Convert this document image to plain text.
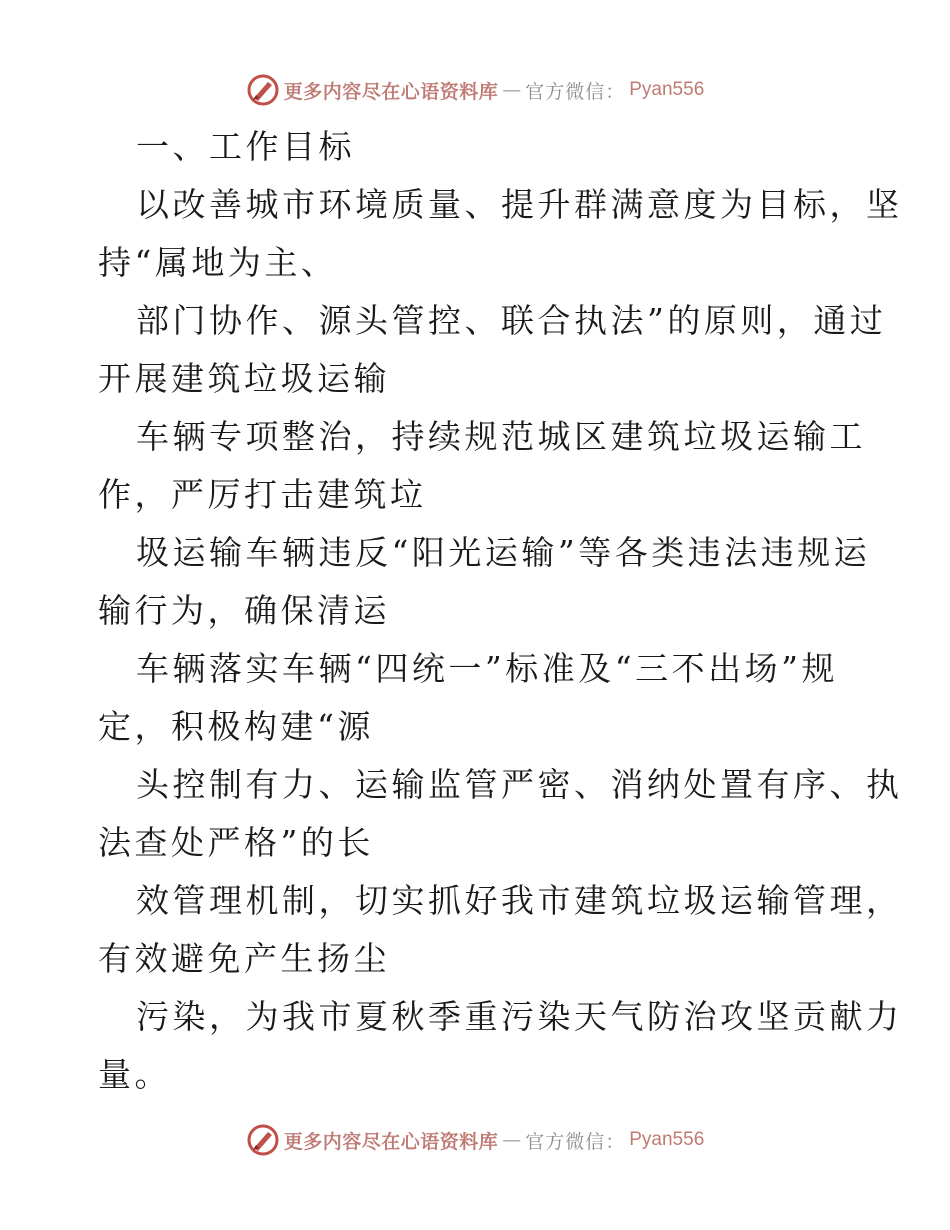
更多内容尽在心语资料库 — 官方微信： Pyan556
一、工作目标
以改善城市环境质量、提升群满意度为目标，坚
持“属地为主、
部门协作、源头管控、联合执法”的原则，通过
开展建筑垃圾运输
车辆专项整治，持续规范城区建筑垃圾运输工
作，严厉打击建筑垃
圾运输车辆违反“阳光运输”等各类违法违规运
输行为，确保清运
车辆落实车辆“四统一”标准及“三不出场”规
定，积极构建“源
头控制有力、运输监管严密、消纳处置有序、执
法查处严格”的长
效管理机制，切实抓好我市建筑垃圾运输管理，
有效避免产生扬尘
污染，为我市夏秋季重污染天气防治攻坚贡献力
量。
更多内容尽在心语资料库 — 官方微信： Pyan556
